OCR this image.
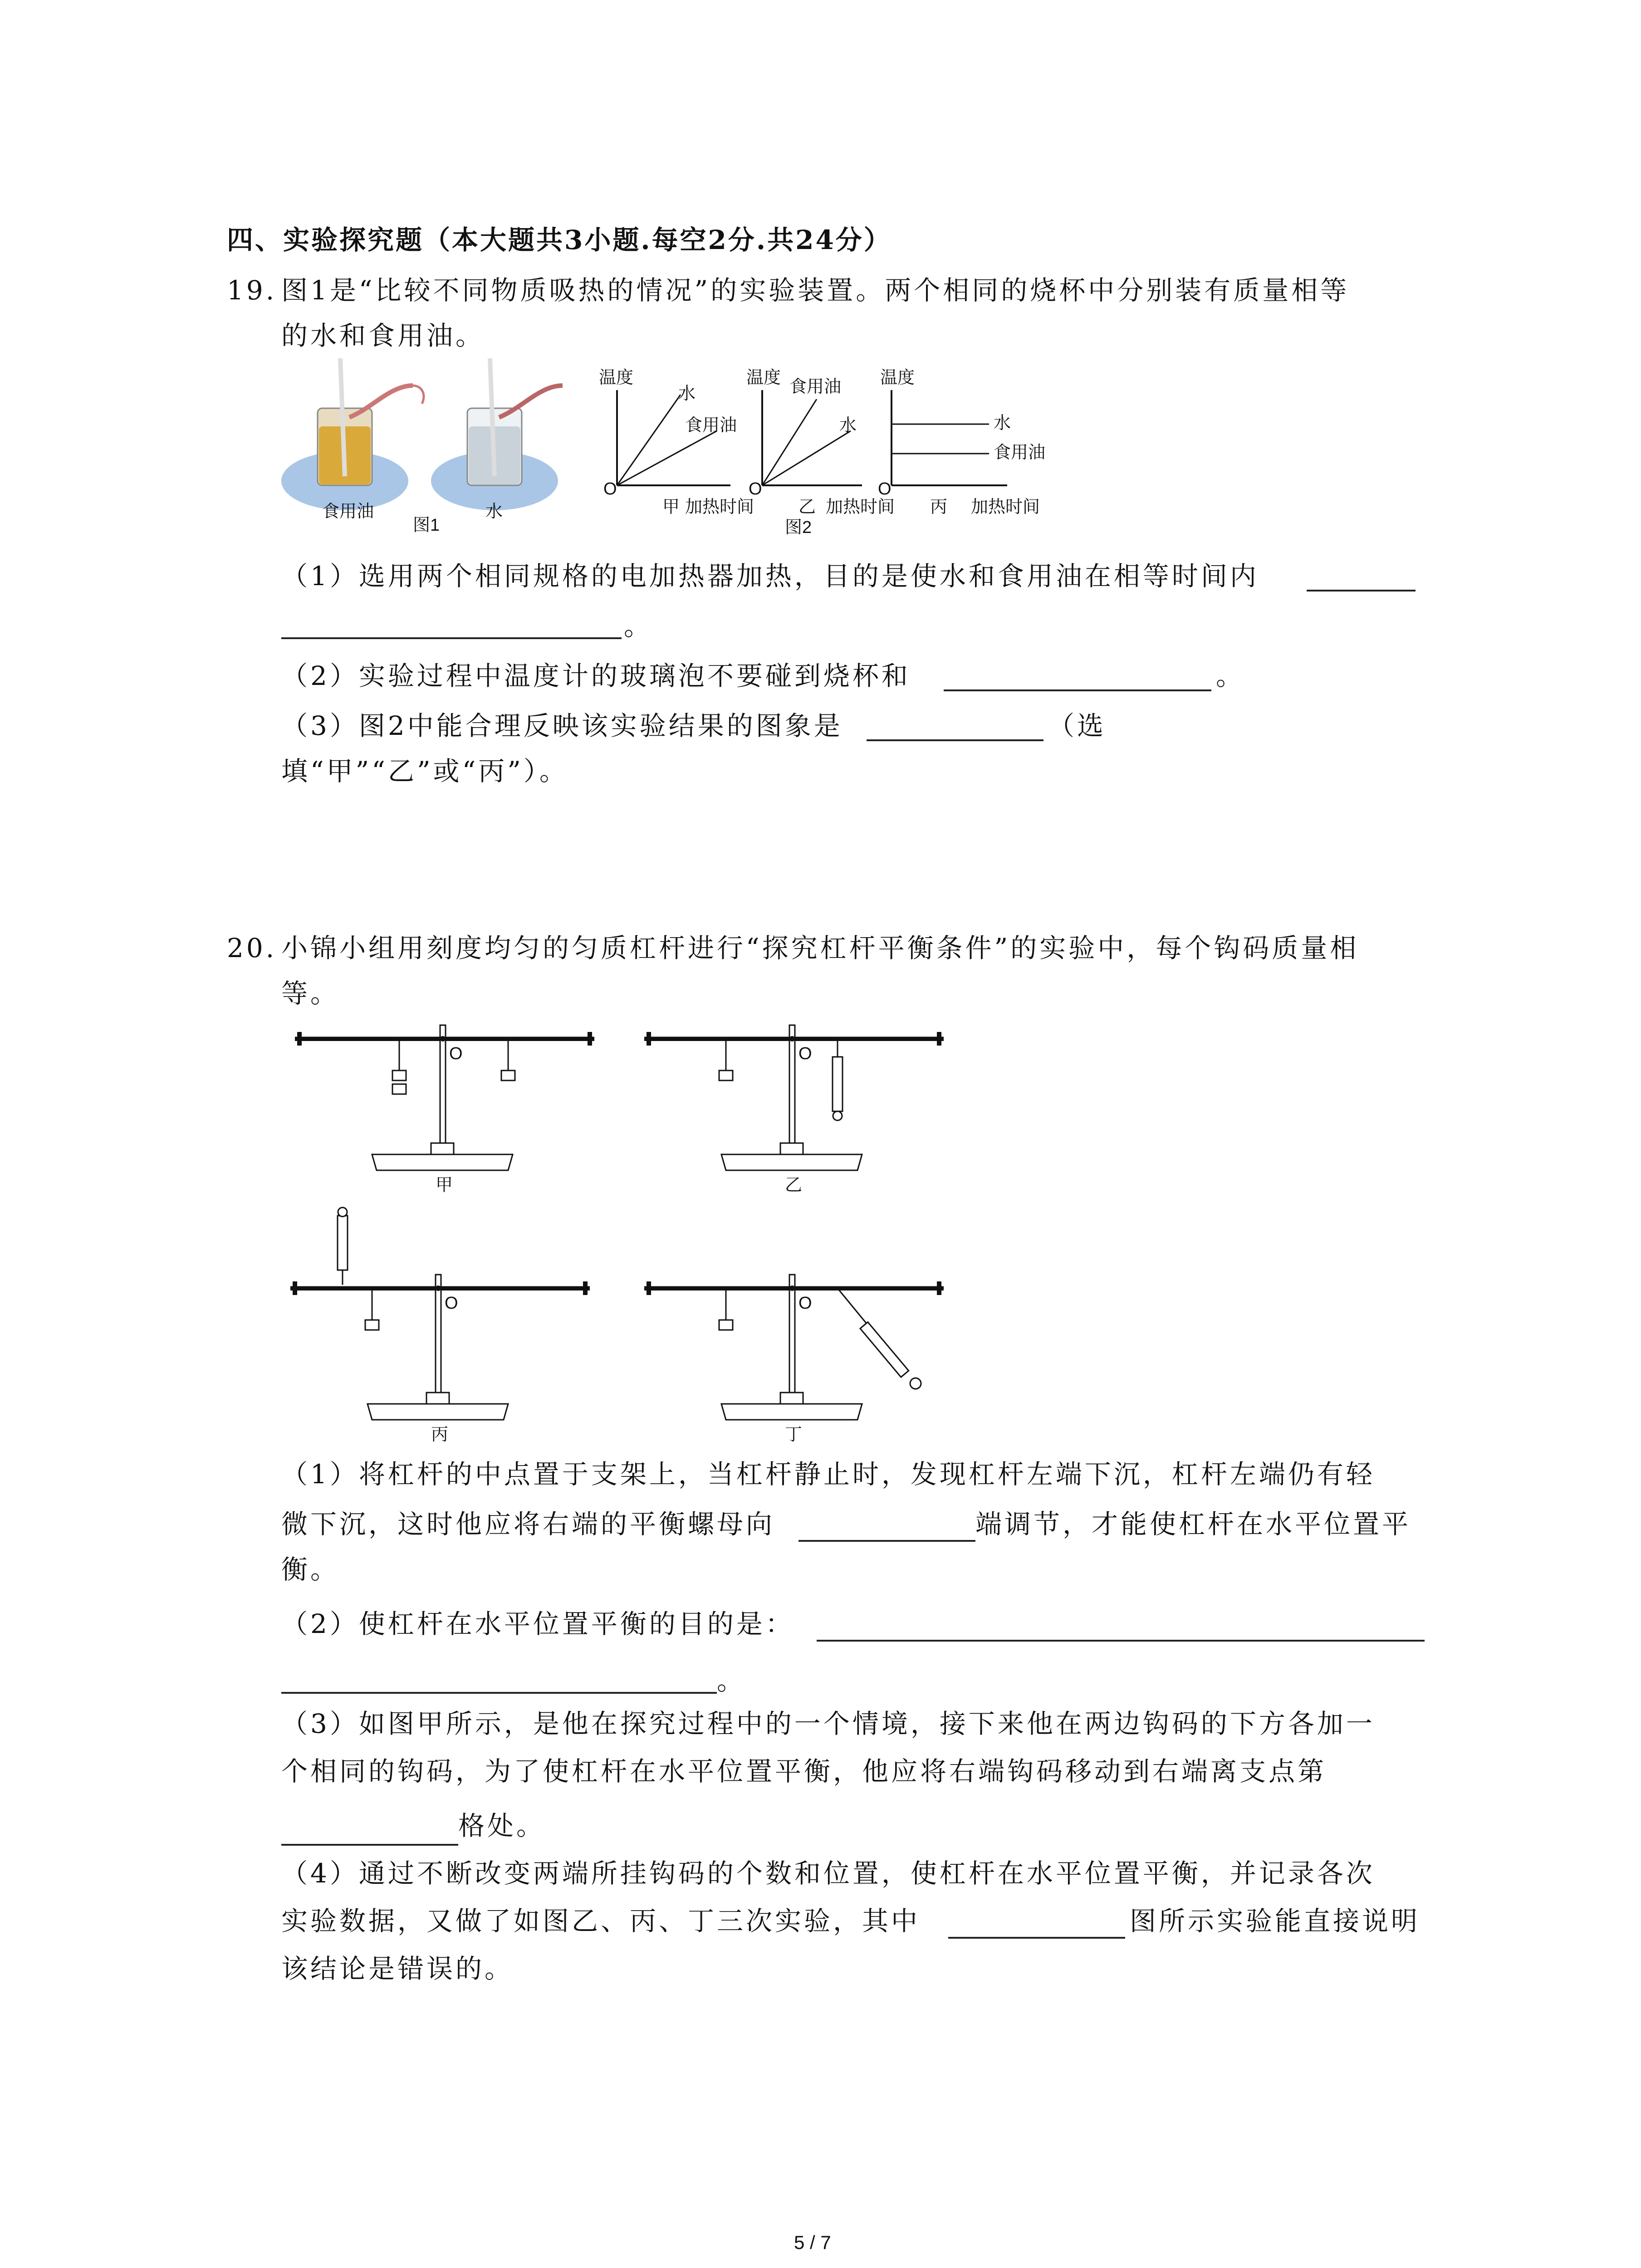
四、实验探究题（本大题共3小题.每空2分.共24分）
19. 图1是“比较不同物质吸热的情况”的实验装置。两个相同的烧杯中分别装有质量相等
的水和食用油。
食用油	水
图1
温度
O
水
食用油
甲 加热时间
温度
O
食用油
水
乙 加热时间
图2
温度
O
水
食用油
丙 加热时间
（1）选用两个相同规格的电加热器加热，目的是使水和食用油在相等时间内
。
（2）实验过程中温度计的玻璃泡不要碰到烧杯和	。
（3）图2中能合理反映该实验结果的图象是	（选
填“甲”“乙”或“丙”）。
20. 小锦小组用刻度均匀的匀质杠杆进行“探究杠杆平衡条件”的实验中，每个钩码质量相
等。
O
甲
O
乙
O
丙
O
丁
（1）将杠杆的中点置于支架上，当杠杆静止时，发现杠杆左端下沉，杠杆左端仍有轻
微下沉，这时他应将右端的平衡螺母向	端调节，才能使杠杆在水平位置平
衡。
（2）使杠杆在水平位置平衡的目的是：
。
（3）如图甲所示，是他在探究过程中的一个情境，接下来他在两边钩码的下方各加一
个相同的钩码，为了使杠杆在水平位置平衡，他应将右端钩码移动到右端离支点第
格处。
（4）通过不断改变两端所挂钩码的个数和位置，使杠杆在水平位置平衡，并记录各次
实验数据，又做了如图乙、丙、丁三次实验，其中	图所示实验能直接说明
该结论是错误的。
5 / 7
